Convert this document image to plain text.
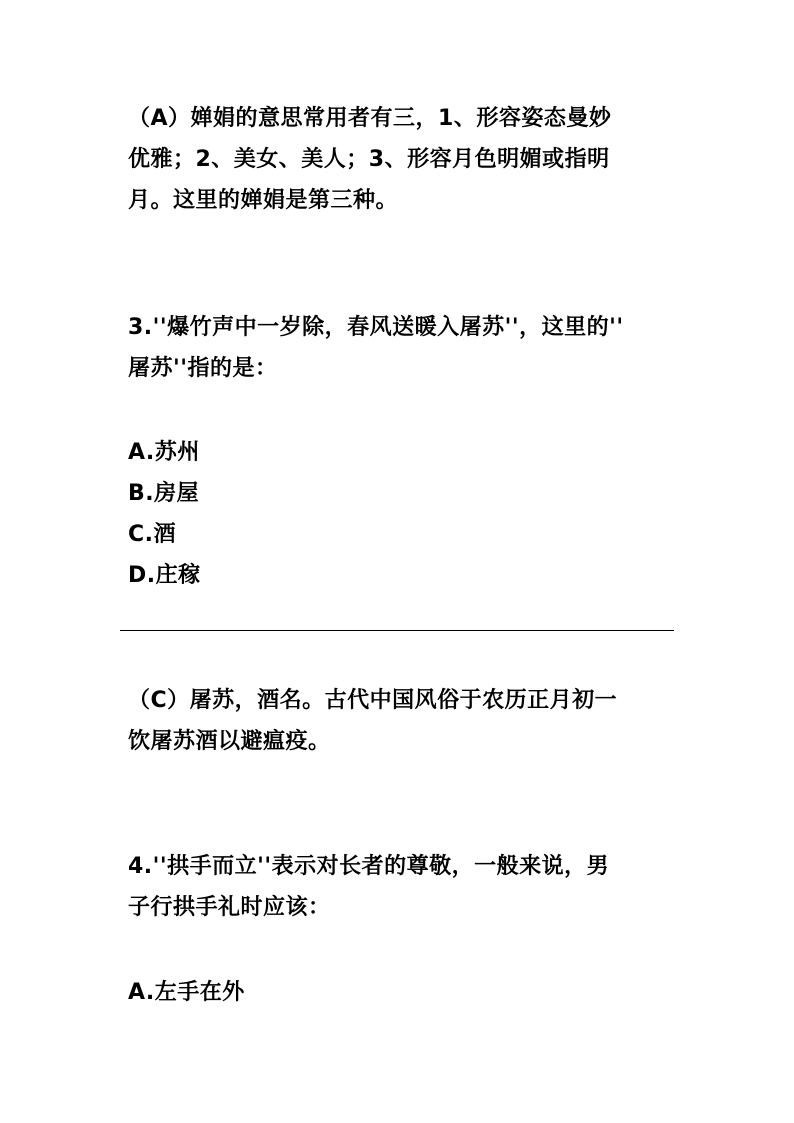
（A）婵娟的意思常用者有三，1、形容姿态曼妙
优雅；2、美女、美人；3、形容月色明媚或指明
月。这里的婵娟是第三种。
3.''爆竹声中一岁除，春风送暖入屠苏''，这里的''
屠苏''指的是：
A.苏州
B.房屋
C.酒
D.庄稼
（C）屠苏，酒名。古代中国风俗于农历正月初一
饮屠苏酒以避瘟疫。
4.''拱手而立''表示对长者的尊敬，一般来说，男
子行拱手礼时应该：
A.左手在外
